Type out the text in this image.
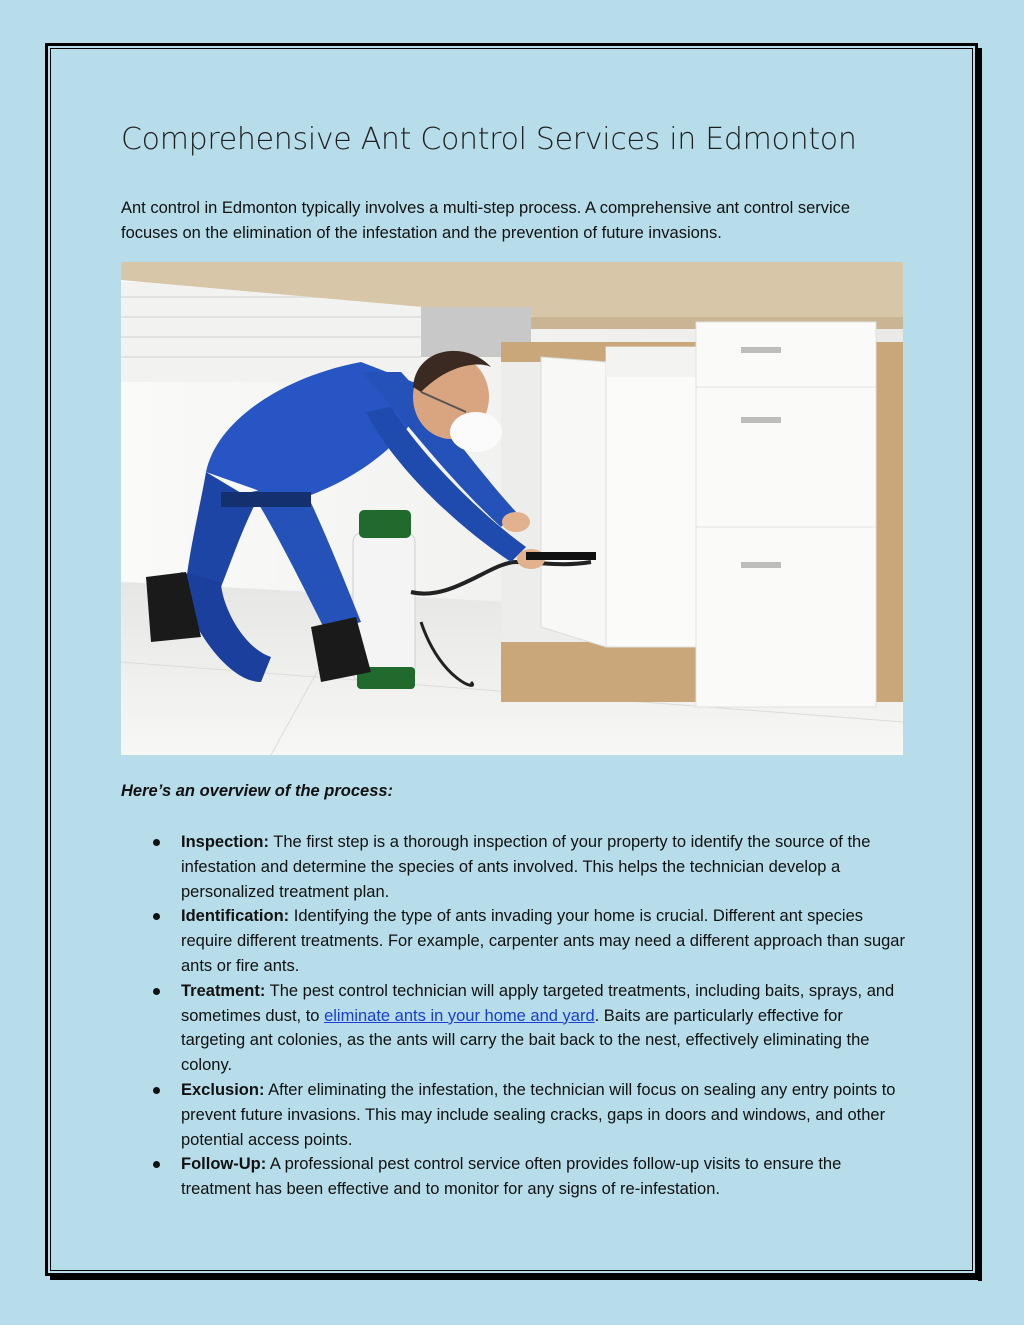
Comprehensive Ant Control Services in Edmonton

Ant control in Edmonton typically involves a multi-step process. A comprehensive ant control service focuses on the elimination of the infestation and the prevention of future invasions.

Here’s an overview of the process:

Inspection: The first step is a thorough inspection of your property to identify the source of the infestation and determine the species of ants involved. This helps the technician develop a personalized treatment plan.
Identification: Identifying the type of ants invading your home is crucial. Different ant species require different treatments. For example, carpenter ants may need a different approach than sugar ants or fire ants.
Treatment: The pest control technician will apply targeted treatments, including baits, sprays, and sometimes dust, to eliminate ants in your home and yard. Baits are particularly effective for targeting ant colonies, as the ants will carry the bait back to the nest, effectively eliminating the colony.
Exclusion: After eliminating the infestation, the technician will focus on sealing any entry points to prevent future invasions. This may include sealing cracks, gaps in doors and windows, and other potential access points.
Follow-Up: A professional pest control service often provides follow-up visits to ensure the treatment has been effective and to monitor for any signs of re-infestation.
